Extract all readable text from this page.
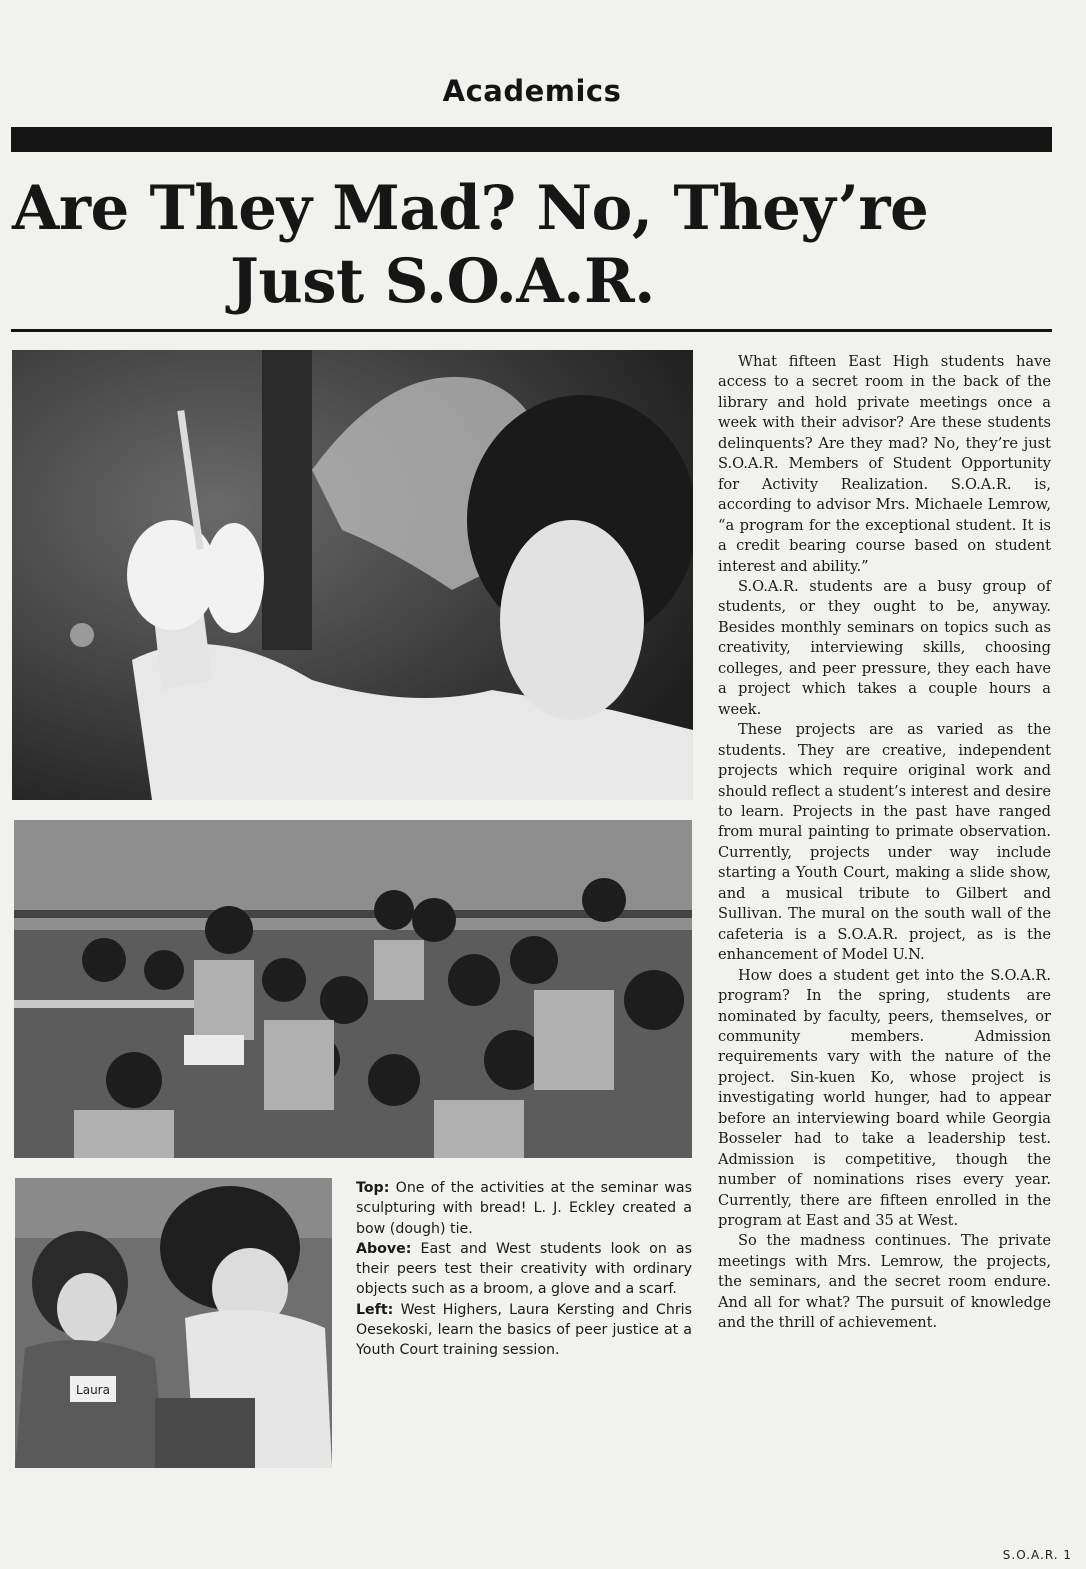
Academics
Are They Mad? No, They’re
Just S.O.A.R.
Laura

Top: One of the activities at the seminar was sculpturing with bread! L. J. Eckley created a bow (dough) tie.

Above: East and West students look on as their peers test their creativity with ordinary objects such as a broom, a glove and a scarf.

Left: West Highers, Laura Kersting and Chris Oesekoski, learn the basics of peer justice at a Youth Court training session.

What fifteen East High students have access to a secret room in the back of the library and hold private meetings once a week with their advisor? Are these students delinquents? Are they mad? No, they’re just S.O.A.R. Members of Student Opportunity for Activity Realization. S.O.A.R. is, according to advisor Mrs. Michaele Lemrow, “a program for the exceptional student. It is a credit bearing course based on student interest and ability.”

S.O.A.R. students are a busy group of students, or they ought to be, anyway. Besides monthly seminars on topics such as creativity, interviewing skills, choosing colleges, and peer pressure, they each have a project which takes a couple hours a week.

These projects are as varied as the students. They are creative, independent projects which require original work and should reflect a student’s interest and desire to learn. Projects in the past have ranged from mural painting to primate observation. Currently, projects under way include starting a Youth Court, making a slide show, and a musical tribute to Gilbert and Sullivan. The mural on the south wall of the cafeteria is a S.O.A.R. project, as is the enhancement of Model U.N.

How does a student get into the S.O.A.R. program? In the spring, students are nominated by faculty, peers, themselves, or community members. Admission requirements vary with the nature of the project. Sin-kuen Ko, whose project is investigating world hunger, had to appear before an interviewing board while Georgia Bosseler had to take a leadership test. Admission is competitive, though the number of nominations rises every year. Currently, there are fifteen enrolled in the program at East and 35 at West.

So the madness continues. The private meetings with Mrs. Lemrow, the projects, the seminars, and the secret room endure. And all for what? The pursuit of knowledge and the thrill of achievement.

S.O.A.R. 1
